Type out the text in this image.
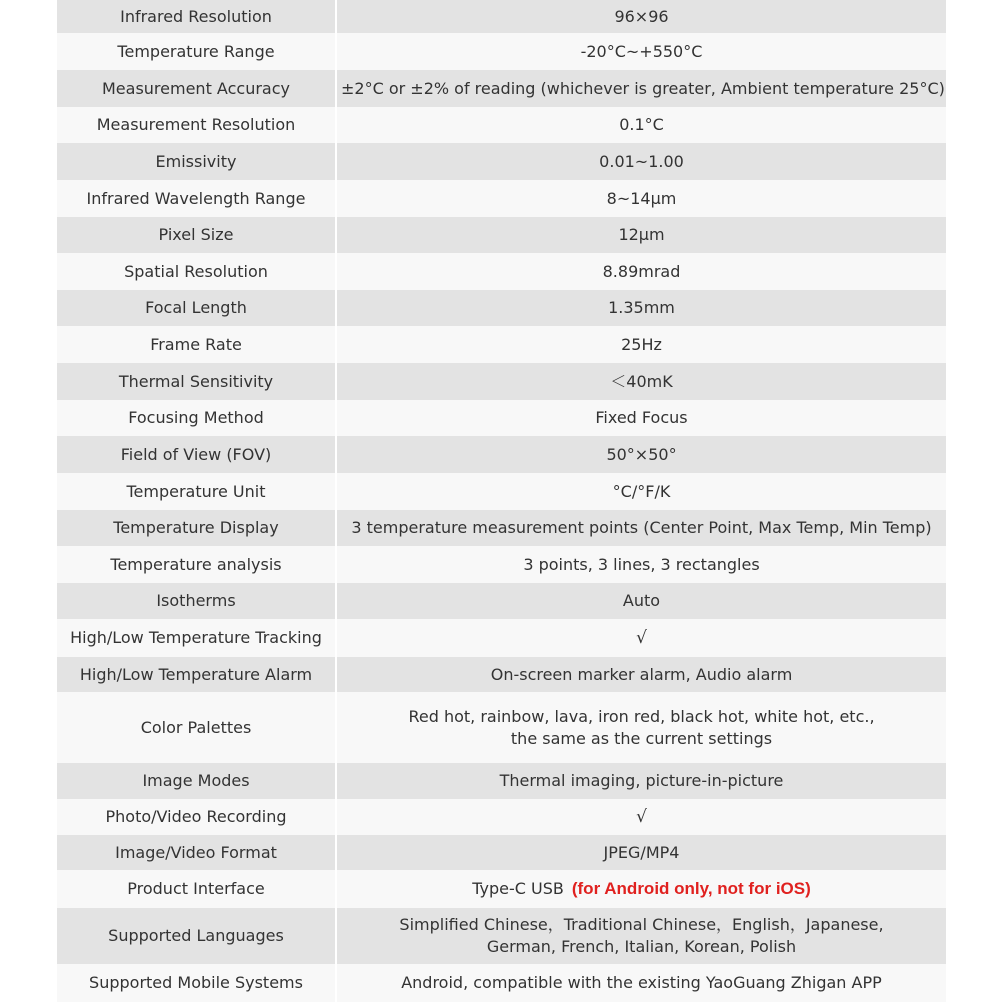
Infrared Resolution	96×96
Temperature Range	-20°C~+550°C
Measurement Accuracy	±2°C or ±2% of reading (whichever is greater, Ambient temperature 25°C)
Measurement Resolution	0.1°C
Emissivity	0.01~1.00
Infrared Wavelength Range	8~14μm
Pixel Size	12μm
Spatial Resolution	8.89mrad
Focal Length	1.35mm
Frame Rate	25Hz
Thermal Sensitivity	＜40mK
Focusing Method	Fixed Focus
Field of View (FOV)	50°×50°
Temperature Unit	°C/°F/K
Temperature Display	3 temperature measurement points (Center Point, Max Temp, Min Temp)
Temperature analysis	3 points, 3 lines, 3 rectangles
Isotherms	Auto
High/Low Temperature Tracking	√
High/Low Temperature Alarm	On-screen marker alarm, Audio alarm
Color Palettes	Red hot, rainbow, lava, iron red, black hot, white hot, etc.,
the same as the current settings

Image Modes	Thermal imaging, picture-in-picture
Photo/Video Recording	√
Image/Video Format	JPEG/MP4
Product Interface	Type-C USB (for Android only, not for iOS)
Supported Languages	Simplified Chinese，Traditional Chinese，English，Japanese,
German, French, Italian, Korean, Polish

Supported Mobile Systems	Android, compatible with the existing YaoGuang Zhigan APP
